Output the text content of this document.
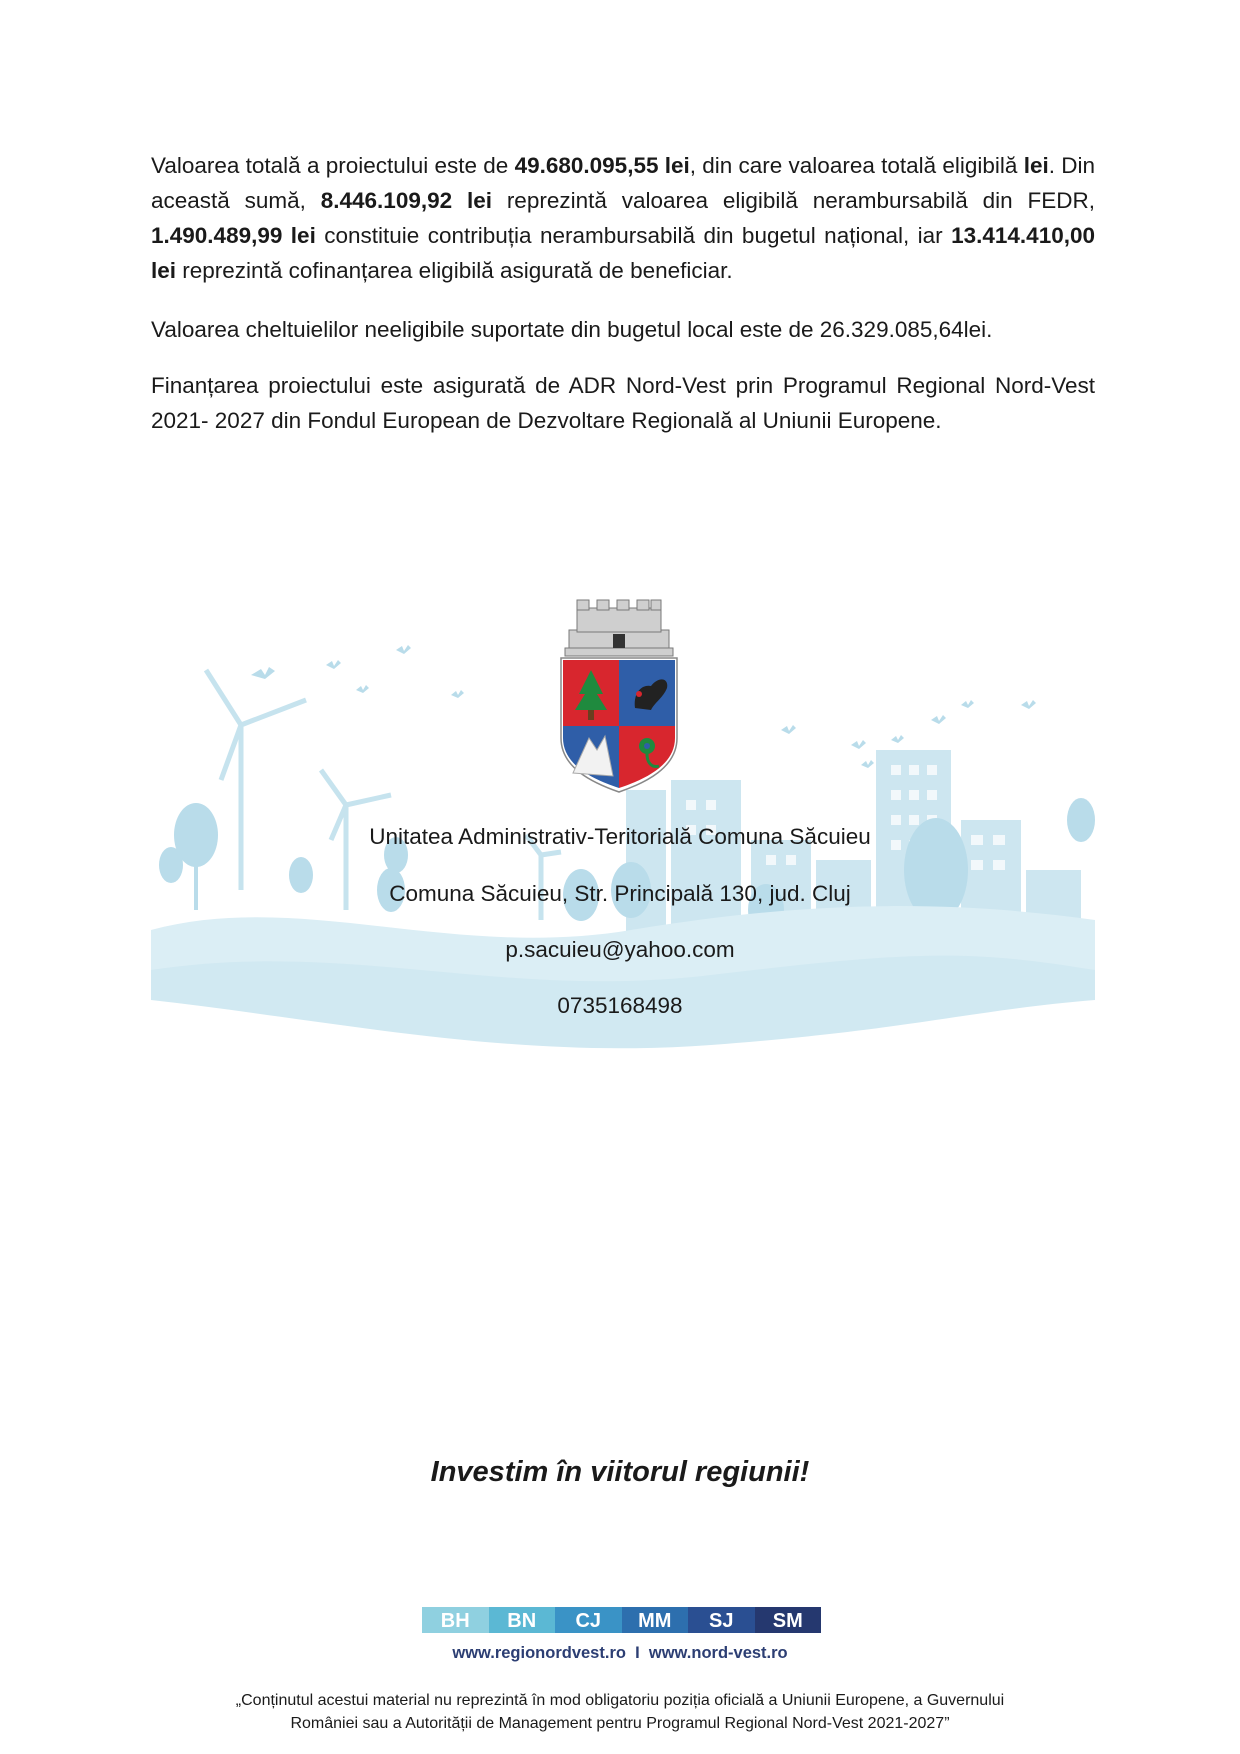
Valoarea totală a proiectului este de 49.680.095,55 lei, din care valoarea totală eligibilă lei. Din această sumă, 8.446.109,92 lei reprezintă valoarea eligibilă nerambursabilă din FEDR, 1.490.489,99 lei constituie contribuția nerambursabilă din bugetul național, iar 13.414.410,00 lei reprezintă cofinanțarea eligibilă asigurată de beneficiar.

Valoarea cheltuielilor neeligibile suportate din bugetul local este de 26.329.085,64lei.

Finanțarea proiectului este asigurată de ADR Nord-Vest prin Programul Regional Nord-Vest 2021- 2027 din Fondul European de Dezvoltare Regională al Uniunii Europene.

Unitatea Administrativ-Teritorială Comuna Săcuieu

Comuna Săcuieu, Str. Principală 130, jud. Cluj

p.sacuieu@yahoo.com

0735168498

Investim în viitorul regiunii!

BH	BN	CJ	MM	SJ	SM

www.regionordvest.ro I www.nord-vest.ro

„Conținutul acestui material nu reprezintă în mod obligatoriu poziția oficială a Uniunii Europene, a Guvernului

României sau a Autorității de Management pentru Programul Regional Nord-Vest 2021-2027”
